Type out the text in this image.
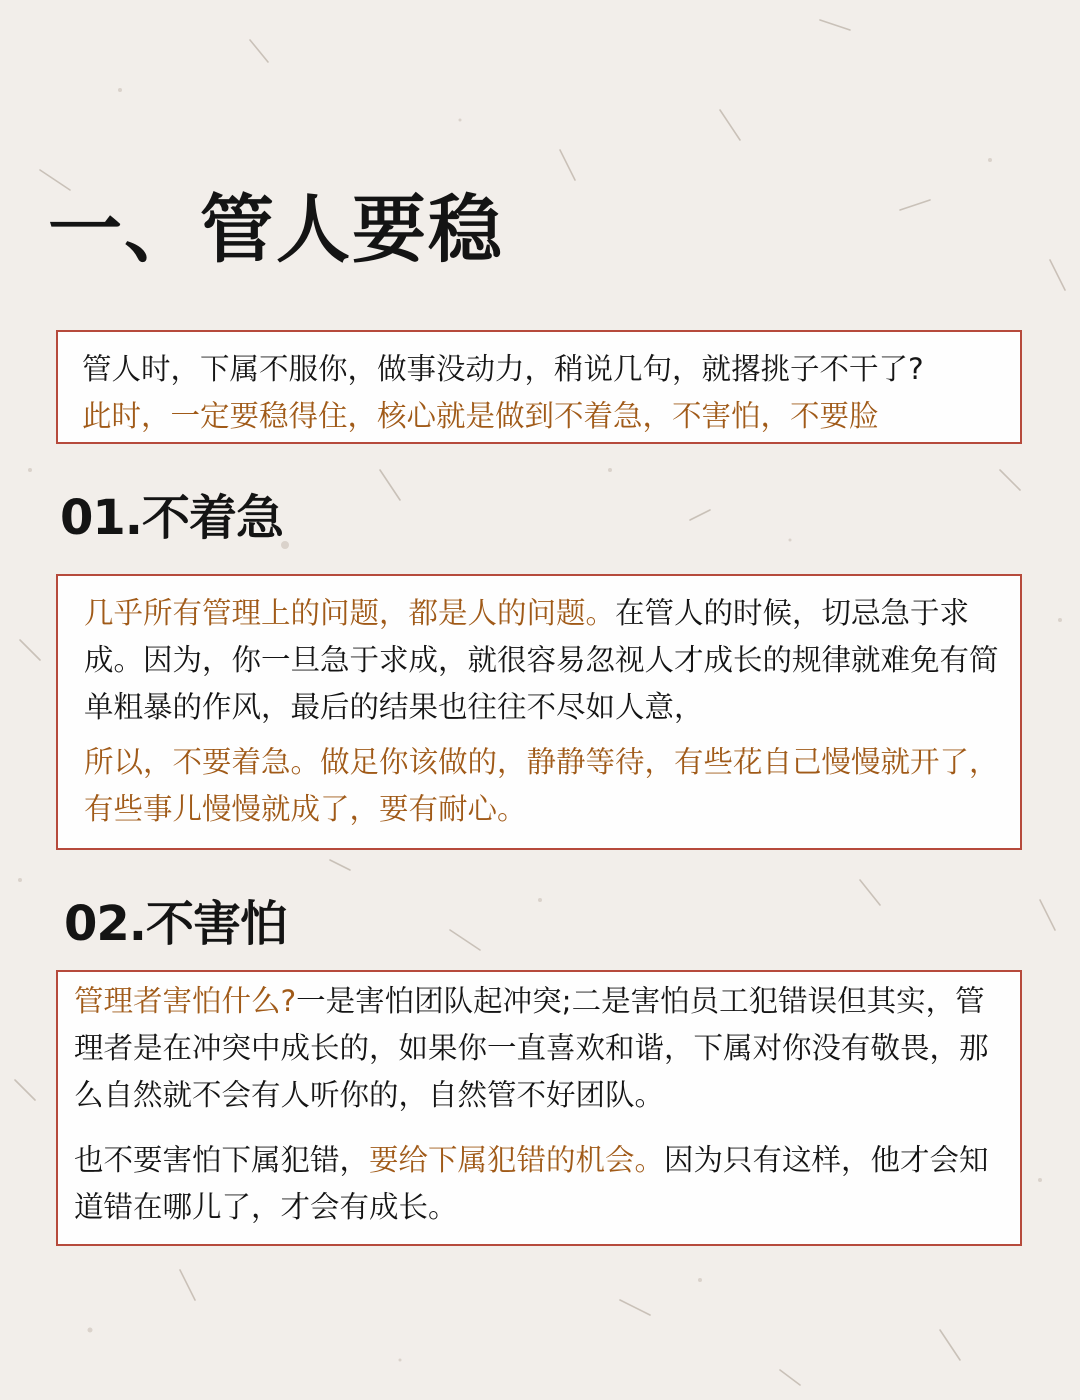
一、管人要稳

管人时，下属不服你，做事没动力，稍说几句，就撂挑子不干了?

此时，一定要稳得住，核心就是做到不着急，不害怕，不要脸

01.不着急

几乎所有管理上的问题，都是人的问题。在管人的时候，切忌急于求成。因为，你一旦急于求成，就很容易忽视人才成长的规律就难免有简单粗暴的作风，最后的结果也往往不尽如人意，

所以，不要着急。做足你该做的，静静等待，有些花自己慢慢就开了，有些事儿慢慢就成了，要有耐心。

02.不害怕

管理者害怕什么?一是害怕团队起冲突;二是害怕员工犯错误但其实，管理者是在冲突中成长的，如果你一直喜欢和谐，下属对你没有敬畏，那么自然就不会有人听你的，自然管不好团队。

也不要害怕下属犯错，要给下属犯错的机会。因为只有这样，他才会知道错在哪儿了，才会有成长。
